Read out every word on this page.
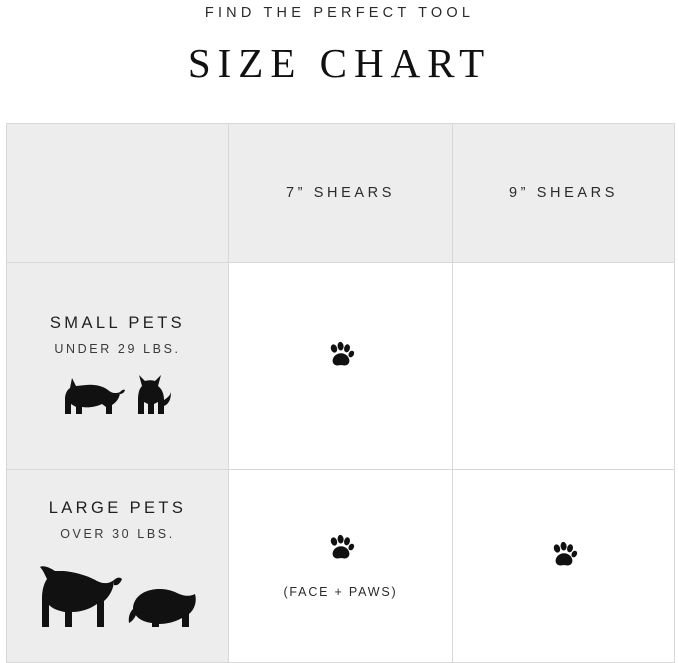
FIND THE PERFECT TOOL

SIZE CHART
	7” SHEARS	9” SHEARS

SMALL PETS
UNDER 29 LBS.

LARGE PETS
OVER 30 LBS.	(FACE + PAWS)
